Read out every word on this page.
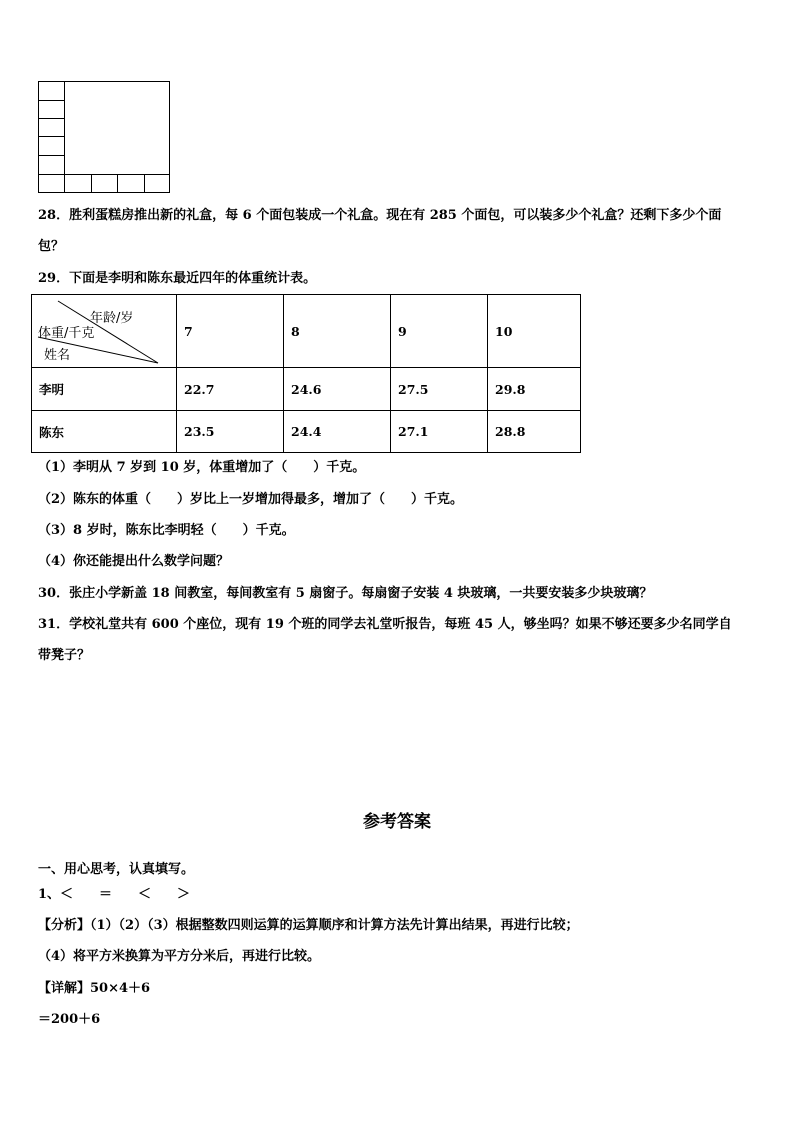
28．胜利蛋糕房推出新的礼盒，每 6 个面包装成一个礼盒。现在有 285 个面包，可以装多少个礼盒？还剩下多少个面
包？
29．下面是李明和陈东最近四年的体重统计表。
年龄/岁
体重/千克
姓名	7	8	9	10
李明	22.7	24.6	27.5	29.8
陈东	23.5	24.4	27.1	28.8
（1）李明从 7 岁到 10 岁，体重增加了（　　）千克。
（2）陈东的体重（　　）岁比上一岁增加得最多，增加了（　　）千克。
（3）8 岁时，陈东比李明轻（　　）千克。
（4）你还能提出什么数学问题？
30．张庄小学新盖 18 间教室，每间教室有 5 扇窗子。每扇窗子安装 4 块玻璃，一共要安装多少块玻璃？
31．学校礼堂共有 600 个座位，现有 19 个班的同学去礼堂听报告，每班 45 人，够坐吗？如果不够还要多少名同学自
带凳子？
参考答案
一、用心思考，认真填写。
1、＜　　＝　　＜　　＞
【分析】（1）（2）（3）根据整数四则运算的运算顺序和计算方法先计算出结果，再进行比较；
（4）将平方米换算为平方分米后，再进行比较。
【详解】50×4＋6
＝200＋6
